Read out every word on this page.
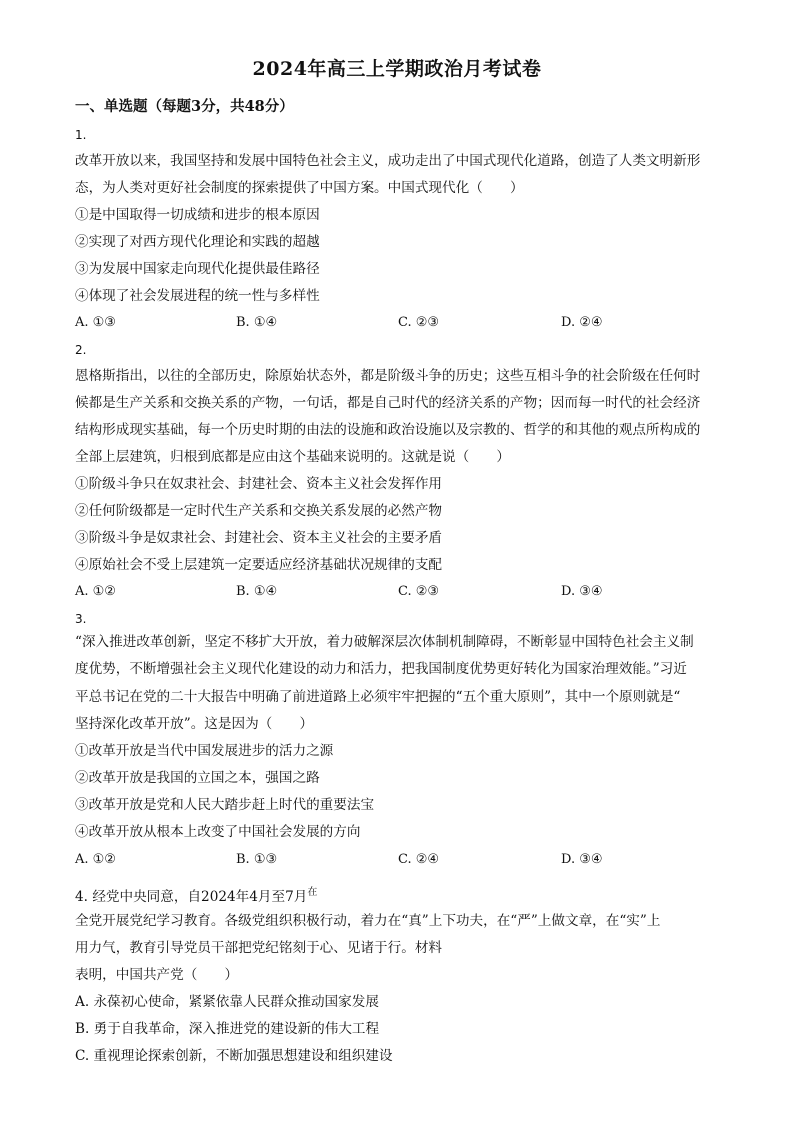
2024年高三上学期政治月考试卷
一、单选题（每题3分，共48分）
1.
改革开放以来，我国坚持和发展中国特色社会主义，成功走出了中国式现代化道路，创造了人类文明新形
态，为人类对更好社会制度的探索提供了中国方案。中国式现代化（　　）
①是中国取得一切成绩和进步的根本原因
②实现了对西方现代化理论和实践的超越
③为发展中国家走向现代化提供最佳路径
④体现了社会发展进程的统一性与多样性
A. ①③	B. ①④	C. ②③	D. ②④
2.
恩格斯指出，以往的全部历史，除原始状态外，都是阶级斗争的历史；这些互相斗争的社会阶级在任何时
候都是生产关系和交换关系的产物，一句话，都是自己时代的经济关系的产物；因而每一时代的社会经济
结构形成现实基础，每一个历史时期的由法的设施和政治设施以及宗教的、哲学的和其他的观点所构成的
全部上层建筑，归根到底都是应由这个基础来说明的。这就是说（　　）
①阶级斗争只在奴隶社会、封建社会、资本主义社会发挥作用
②任何阶级都是一定时代生产关系和交换关系发展的必然产物
③阶级斗争是奴隶社会、封建社会、资本主义社会的主要矛盾
④原始社会不受上层建筑一定要适应经济基础状况规律的支配
A. ①②	B. ①④	C. ②③	D. ③④
3.
“深入推进改革创新，坚定不移扩大开放，着力破解深层次体制机制障碍，不断彰显中国特色社会主义制
度优势，不断增强社会主义现代化建设的动力和活力，把我国制度优势更好转化为国家治理效能。”习近
平总书记在党的二十大报告中明确了前进道路上必须牢牢把握的“五个重大原则”，其中一个原则就是“
坚持深化改革开放”。这是因为（　　）
①改革开放是当代中国发展进步的活力之源
②改革开放是我国的立国之本，强国之路
③改革开放是党和人民大踏步赶上时代的重要法宝
④改革开放从根本上改变了中国社会发展的方向
A. ①②	B. ①③	C. ②④	D. ③④
4. 经党中央同意，自2024年4月至7月$^在$
全党开展党纪学习教育。各级党组织积极行动，着力在“真”上下功夫，在“严”上做文章，在“实”上
用力气，教育引导党员干部把党纪铭刻于心、见诸于行。材料
表明，中国共产党（　　）
A. 永葆初心使命，紧紧依靠人民群众推动国家发展
B. 勇于自我革命，深入推进党的建设新的伟大工程
C. 重视理论探索创新，不断加强思想建设和组织建设
